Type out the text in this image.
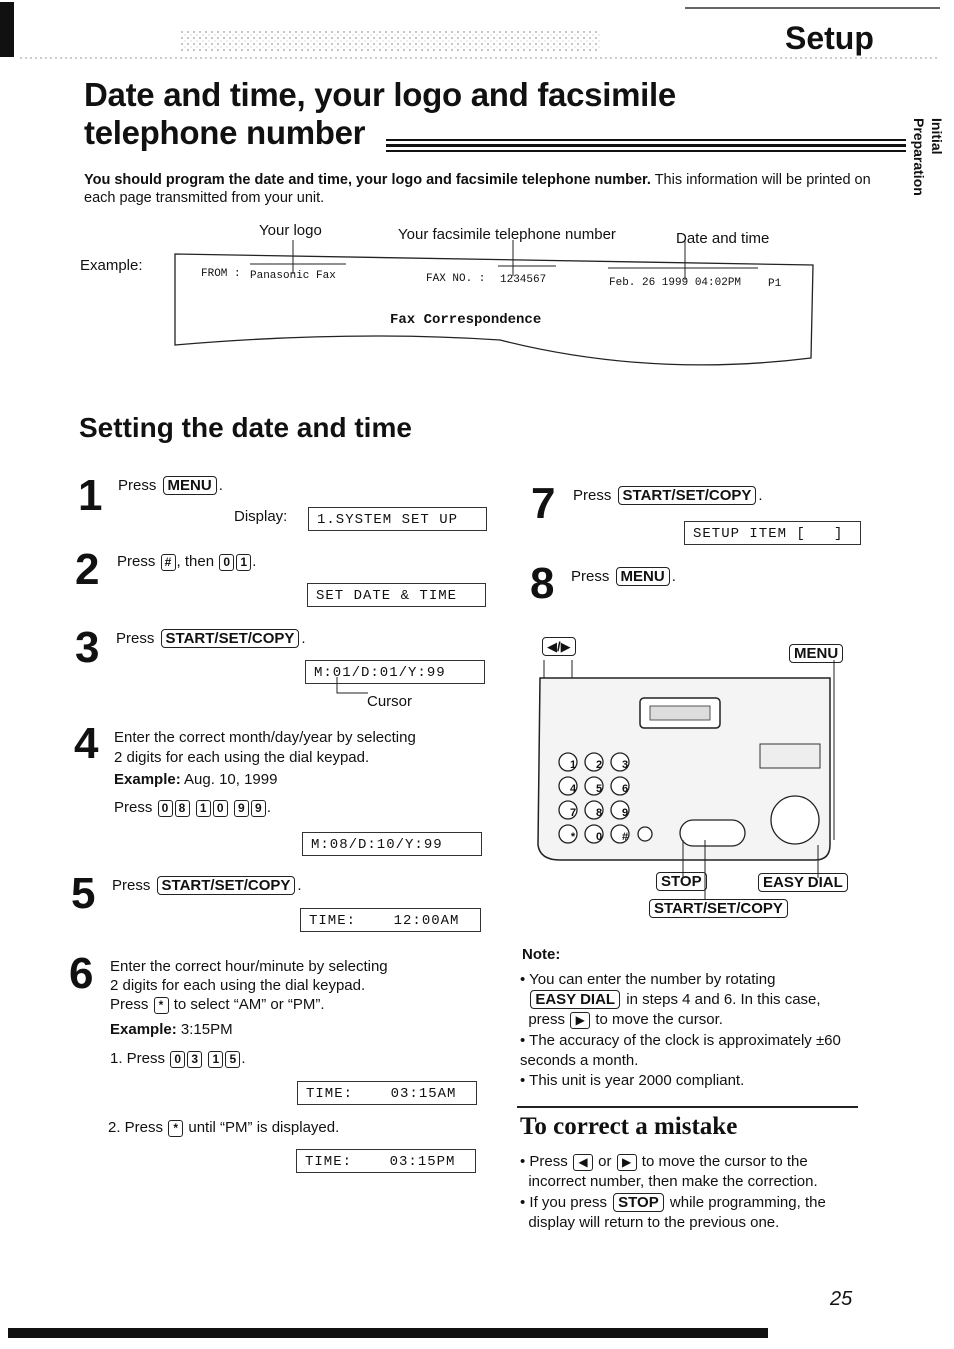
Setup
Date and time, your logo and facsimile
telephone number	Initial
Preparation
You should program the date and time, your logo and facsimile telephone number. This information will be printed on each page transmitted from your unit.
Example:
Your logo	Your facsimile telephone number	Date and time
FROM : Panasonic Fax	FAX NO. : 1234567	Feb. 26 1999 04:02PM P1
Fax Correspondence
Setting the date and time
1 Press MENU .
Display:	1.SYSTEM SET UP
2 Press # , then 0 1 .
SET DATE & TIME
3 Press START/SET/COPY .
M:01/D:01/Y:99
Cursor
4 Enter the correct month/day/year by selecting
2 digits for each using the dial keypad.
Example: Aug. 10, 1999
Press 0 8 1 0 9 9 .
M:08/D:10/Y:99
5 Press START/SET/COPY .
TIME:    12:00AM
6 Enter the correct hour/minute by selecting
2 digits for each using the dial keypad.
Press * to select “AM” or “PM”.
Example: 3:15PM
1. Press 0 3 1 5 .
TIME:    03:15AM
2. Press * until “PM” is displayed.
TIME:    03:15PM
7 Press START/SET/COPY .
SETUP ITEM [   ]
8 Press MENU .
◀/▶	MENU
1	2	3
4	5	6
7	8	9
*	0	#
STOP	EASY DIAL
START/SET/COPY
Note:
• You can enter the number by rotating
EASY DIAL in steps 4 and 6. In this case,
press ▶ to move the cursor.
• The accuracy of the clock is approximately ±60 seconds a month.
• This unit is year 2000 compliant.
To correct a mistake
• Press ◀ or ▶ to move the cursor to the
incorrect number, then make the correction.
• If you press STOP while programming, the
display will return to the previous one.
25
